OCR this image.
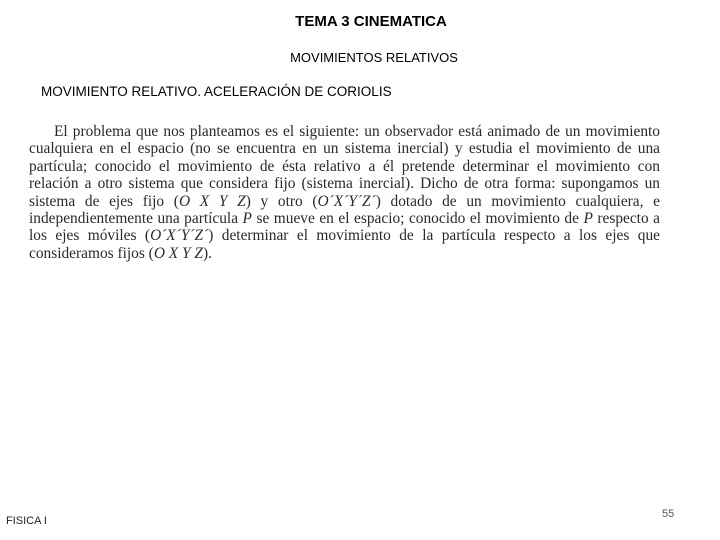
TEMA 3 CINEMATICA
MOVIMIENTOS RELATIVOS
MOVIMIENTO RELATIVO. ACELERACIÓN DE CORIOLIS

El problema que nos planteamos es el siguiente: un observador está animado de un movimiento cualquiera en el espacio (no se encuentra en un sistema inercial) y estudia el movimiento de una partícula; conocido el movimiento de ésta relativo a él pretende determinar el movimiento con relación a otro sistema que considera fijo (sistema inercial). Dicho de otra forma: supongamos un sistema de ejes fijo (O X Y Z) y otro (O´X´Y´Z´) dotado de un movimiento cualquiera, e independientemente una partícula P se mueve en el espacio; conocido el movimiento de P respecto a los ejes móviles (O´X´Y´Z´) determinar el movimiento de la partícula respecto a los ejes que consideramos fijos (O X Y Z).

FISICA I
55
